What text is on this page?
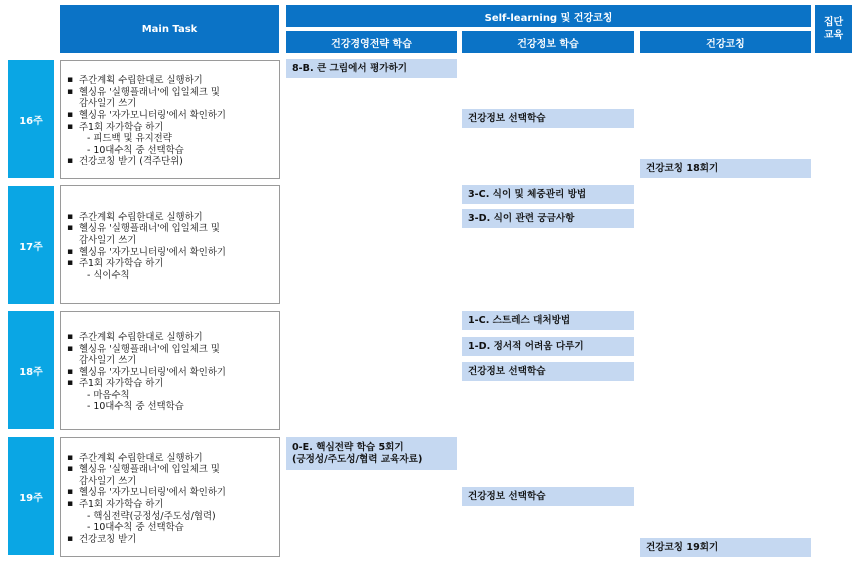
Main Task
Self-learning 및 건강코칭
건강경영전략 학습	건강정보 학습	건강코칭
집단
교육
16주
▪ 주간계획 수립한대로 실행하기
▪ 헬싱유 '실행플래너'에 입일체크 및
감사일기 쓰기
▪ 헬싱유 '자가모니터링'에서 확인하기
▪ 주1회 자가학습 하기
- 피드백 및 유지전략
- 10대수칙 중 선택학습
▪ 건강코칭 받기 (격주단위)
8-B. 큰 그림에서 평가하기
건강정보 선택학습
건강코칭 18회기
17주
▪ 주간계획 수립한대로 실행하기
▪ 헬싱유 '실행플래너'에 입일체크 및
감사일기 쓰기
▪ 헬싱유 '자가모니터링'에서 확인하기
▪ 주1회 자가학습 하기
- 식이수칙
3-C. 식이 및 체중관리 방법
3-D. 식이 관련 궁금사항
18주
▪ 주간계획 수립한대로 실행하기
▪ 헬싱유 '실행플래너'에 입일체크 및
감사일기 쓰기
▪ 헬싱유 '자가모니터링'에서 확인하기
▪ 주1회 자가학습 하기
- 마음수칙
- 10대수칙 중 선택학습
1-C. 스트레스 대처방법
1-D. 정서적 어려움 다루기
건강정보 선택학습
19주
▪ 주간계획 수립한대로 실행하기
▪ 헬싱유 '실행플래너'에 입일체크 및
감사일기 쓰기
▪ 헬싱유 '자가모니터링'에서 확인하기
▪ 주1회 자가학습 하기
- 핵심전략(긍정성/주도성/협력)
- 10대수칙 중 선택학습
▪ 건강코칭 받기
0-E. 핵심전략 학습 5회기
(긍정성/주도성/협력 교육자료)
건강정보 선택학습
건강코칭 19회기
